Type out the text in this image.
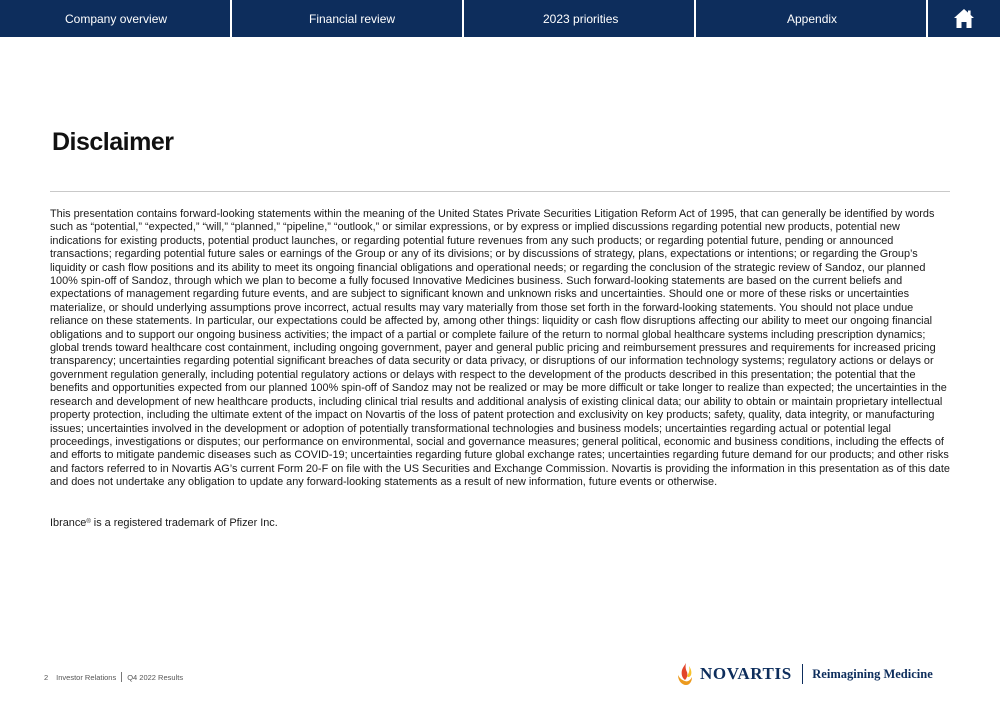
Company overview	Financial review	2023 priorities	Appendix
Disclaimer
This presentation contains forward-looking statements within the meaning of the United States Private Securities Litigation Reform Act of 1995, that can generally be identified by words such as “potential,” “expected,” “will,” “planned,” “pipeline,” “outlook,” or similar expressions, or by express or implied discussions regarding potential new products, potential new indications for existing products, potential product launches, or regarding potential future revenues from any such products; or regarding potential future, pending or announced transactions; regarding potential future sales or earnings of the Group or any of its divisions; or by discussions of strategy, plans, expectations or intentions; or regarding the Group’s liquidity or cash flow positions and its ability to meet its ongoing financial obligations and operational needs; or regarding the conclusion of the strategic review of Sandoz, our planned 100% spin-off of Sandoz, through which we plan to become a fully focused Innovative Medicines business. Such forward-looking statements are based on the current beliefs and expectations of management regarding future events, and are subject to significant known and unknown risks and uncertainties. Should one or more of these risks or uncertainties materialize, or should underlying assumptions prove incorrect, actual results may vary materially from those set forth in the forward-looking statements. You should not place undue reliance on these statements. In particular, our expectations could be affected by, among other things: liquidity or cash flow disruptions affecting our ability to meet our ongoing financial obligations and to support our ongoing business activities; the impact of a partial or complete failure of the return to normal global healthcare systems including prescription dynamics; global trends toward healthcare cost containment, including ongoing government, payer and general public pricing and reimbursement pressures and requirements for increased pricing transparency; uncertainties regarding potential significant breaches of data security or data privacy, or disruptions of our information technology systems; regulatory actions or delays or government regulation generally, including potential regulatory actions or delays with respect to the development of the products described in this presentation; the potential that the benefits and opportunities expected from our planned 100% spin-off of Sandoz may not be realized or may be more difficult or take longer to realize than expected; the uncertainties in the research and development of new healthcare products, including clinical trial results and additional analysis of existing clinical data; our ability to obtain or maintain proprietary intellectual property protection, including the ultimate extent of the impact on Novartis of the loss of patent protection and exclusivity on key products; safety, quality, data integrity, or manufacturing issues; uncertainties involved in the development or adoption of potentially transformational technologies and business models; uncertainties regarding actual or potential legal proceedings, investigations or disputes; our performance on environmental, social and governance measures; general political, economic and business conditions, including the effects of and efforts to mitigate pandemic diseases such as COVID-19; uncertainties regarding future global exchange rates; uncertainties regarding future demand for our products; and other risks and factors referred to in Novartis AG’s current Form 20-F on file with the US Securities and Exchange Commission. Novartis is providing the information in this presentation as of this date and does not undertake any obligation to update any forward-looking statements as a result of new information, future events or otherwise.
Ibrance® is a registered trademark of Pfizer Inc.
2 Investor Relations Q4 2022 Results	NOVARTIS Reimagining Medicine
